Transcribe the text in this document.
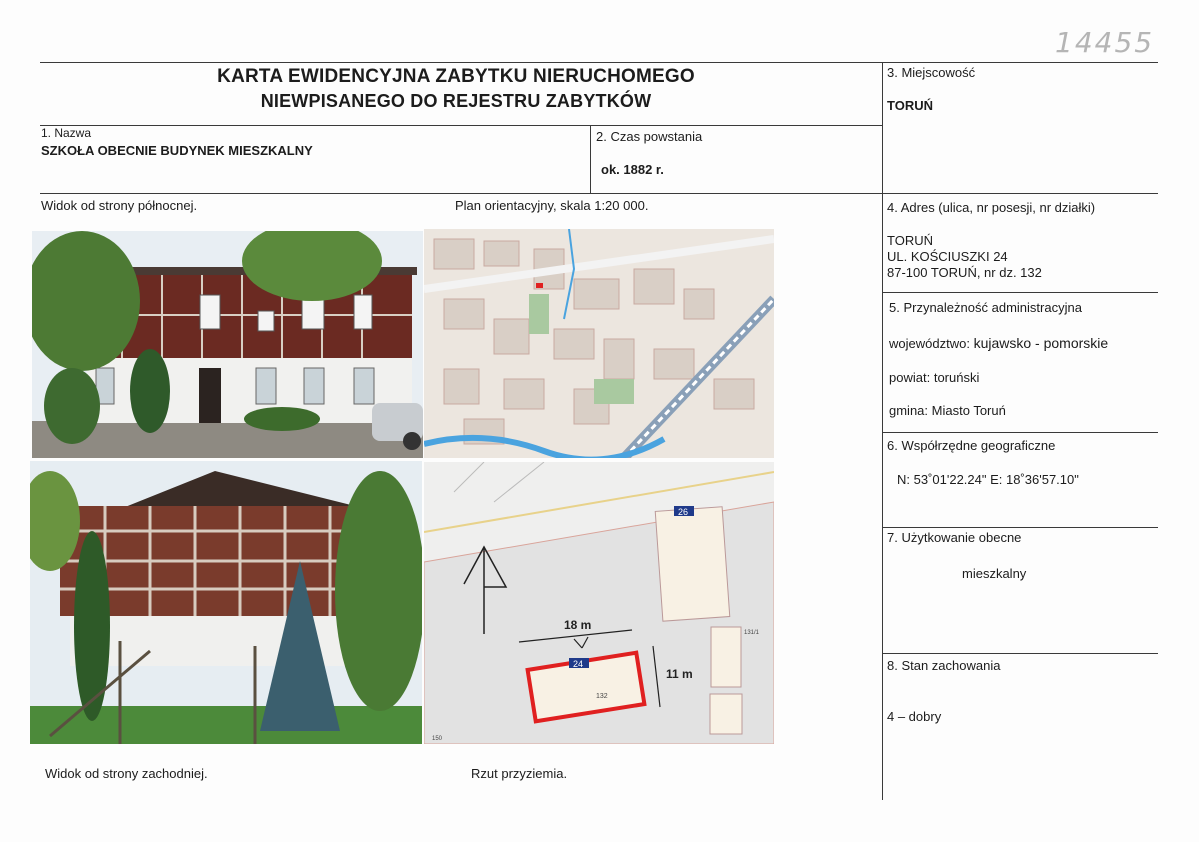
14455
KARTA EWIDENCYJNA ZABYTKU NIERUCHOMEGO
NIEWPISANEGO DO REJESTRU ZABYTKÓW
3. Miejscowość
TORUŃ
1. Nazwa
SZKOŁA OBECNIE BUDYNEK MIESZKALNY
2. Czas powstania
ok. 1882 r.
Widok od strony północnej.	Plan orientacyjny, skala 1:20 000.	4. Adres (ulica, nr posesji, nr działki)
TORUŃ
UL. KOŚCIUSZKI 24
87-100 TORUŃ, nr dz. 132
5. Przynależność administracyjna
województwo: kujawsko - pomorskie
powiat: toruński
gmina: Miasto Toruń
6. Współrzędne geograficzne
N: 53˚01'22.24" E: 18˚36'57.10"
7. Użytkowanie obecne
mieszkalny
8. Stan zachowania
4 – dobry
18 m
11 m
24
26
132
131/1
150
Widok od strony zachodniej.	Rzut przyziemia.
